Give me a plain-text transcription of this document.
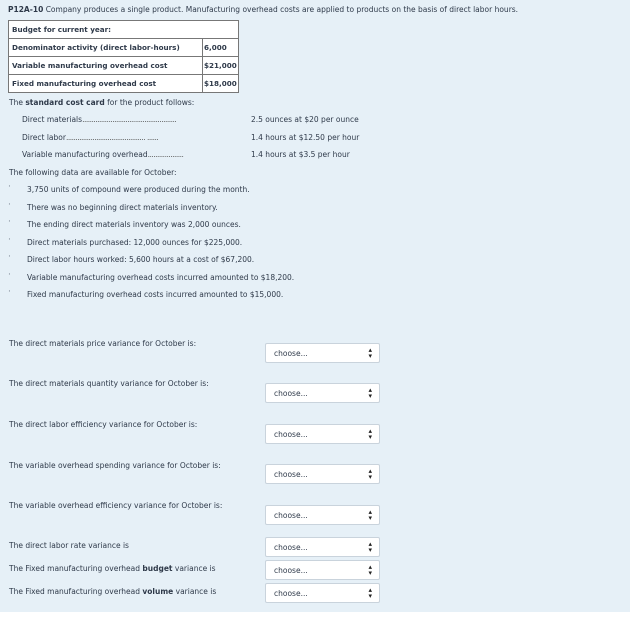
P12A-10 Company produces a single product. Manufacturing overhead costs are applied to products on the basis of direct labor hours.
Budget for current year:	
Denominator activity (direct labor-hours)	6,000
Variable manufacturing overhead cost	$21,000
Fixed manufacturing overhead cost	$18,000
The standard cost card for the product follows:
Direct materials..................................................	2.5 ounces at $20 per ounce
Direct labor.......................................... ......	1.4 hours at $12.50 per hour
Variable manufacturing overhead...................	1.4 hours at $3.5 per hour
The following data are available for October:
· 3,750 units of compound were produced during the month.
· There was no beginning direct materials inventory.
· The ending direct materials inventory was 2,000 ounces.
· Direct materials purchased: 12,000 ounces for $225,000.
· Direct labor hours worked: 5,600 hours at a cost of $67,200.
· Variable manufacturing overhead costs incurred amounted to $18,200.
· Fixed manufacturing overhead costs incurred amounted to $15,000.
The direct materials price variance for October is:
choose...	▴
▾
The direct materials quantity variance for October is:
choose...	▴
▾
The direct labor efficiency variance for October is:
choose...	▴
▾
The variable overhead spending variance for October is:
choose...	▴
▾
The variable overhead efficiency variance for October is:
choose...	▴
▾
The direct labor rate variance is	choose...	▴
▾
The Fixed manufacturing overhead budget variance is	choose...	▴
▾
The Fixed manufacturing overhead volume variance is	choose...	▴
▾
